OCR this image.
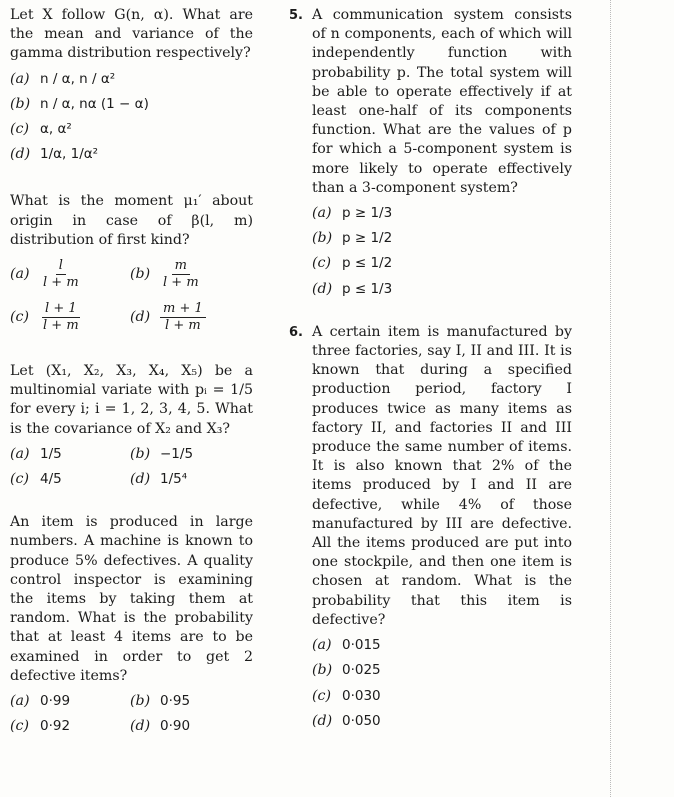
Let X follow G(n, α). What are the mean and variance of the gamma distribution respectively?
(a) n / α, n / α²
(b) n / α, nα (1 − α)
(c) α, α²
(d) 1/α, 1/α²
What is the moment μ₁′ about origin in case of β(l, m) distribution of first kind?
$(a) \frac{l}{l + m}$	$(b) \frac{m}{l + m}$
$(c) \frac{l + 1}{l + m}$	$(d) \frac{m + 1}{l + m}$
Let (X₁, X₂, X₃, X₄, X₅) be a multinomial variate with pᵢ = 1/5 for every i; i = 1, 2, 3, 4, 5. What is the covariance of X₂ and X₃?
(a) 1/5	(b) −1/5
(c) 4/5	(d) 1/5⁴
An item is produced in large numbers. A machine is known to produce 5% defectives. A quality control inspector is examining the items by taking them at random. What is the probability that at least 4 items are to be examined in order to get 2 defective items?
(a) 0·99	(b) 0·95
(c) 0·92	(d) 0·90
5. A communication system consists of n components, each of which will independently function with probability p. The total system will be able to operate effectively if at least one-half of its components function. What are the values of p for which a 5-component system is more likely to operate effectively than a 3-component system?
(a) p ≥ 1/3
(b) p ≥ 1/2
(c) p ≤ 1/2
(d) p ≤ 1/3
6. A certain item is manufactured by three factories, say I, II and III. It is known that during a specified production period, factory I produces twice as many items as factory II, and factories II and III produce the same number of items. It is also known that 2% of the items produced by I and II are defective, while 4% of those manufactured by III are defective. All the items produced are put into one stockpile, and then one item is chosen at random. What is the probability that this item is defective?
(a) 0·015
(b) 0·025
(c) 0·030
(d) 0·050
